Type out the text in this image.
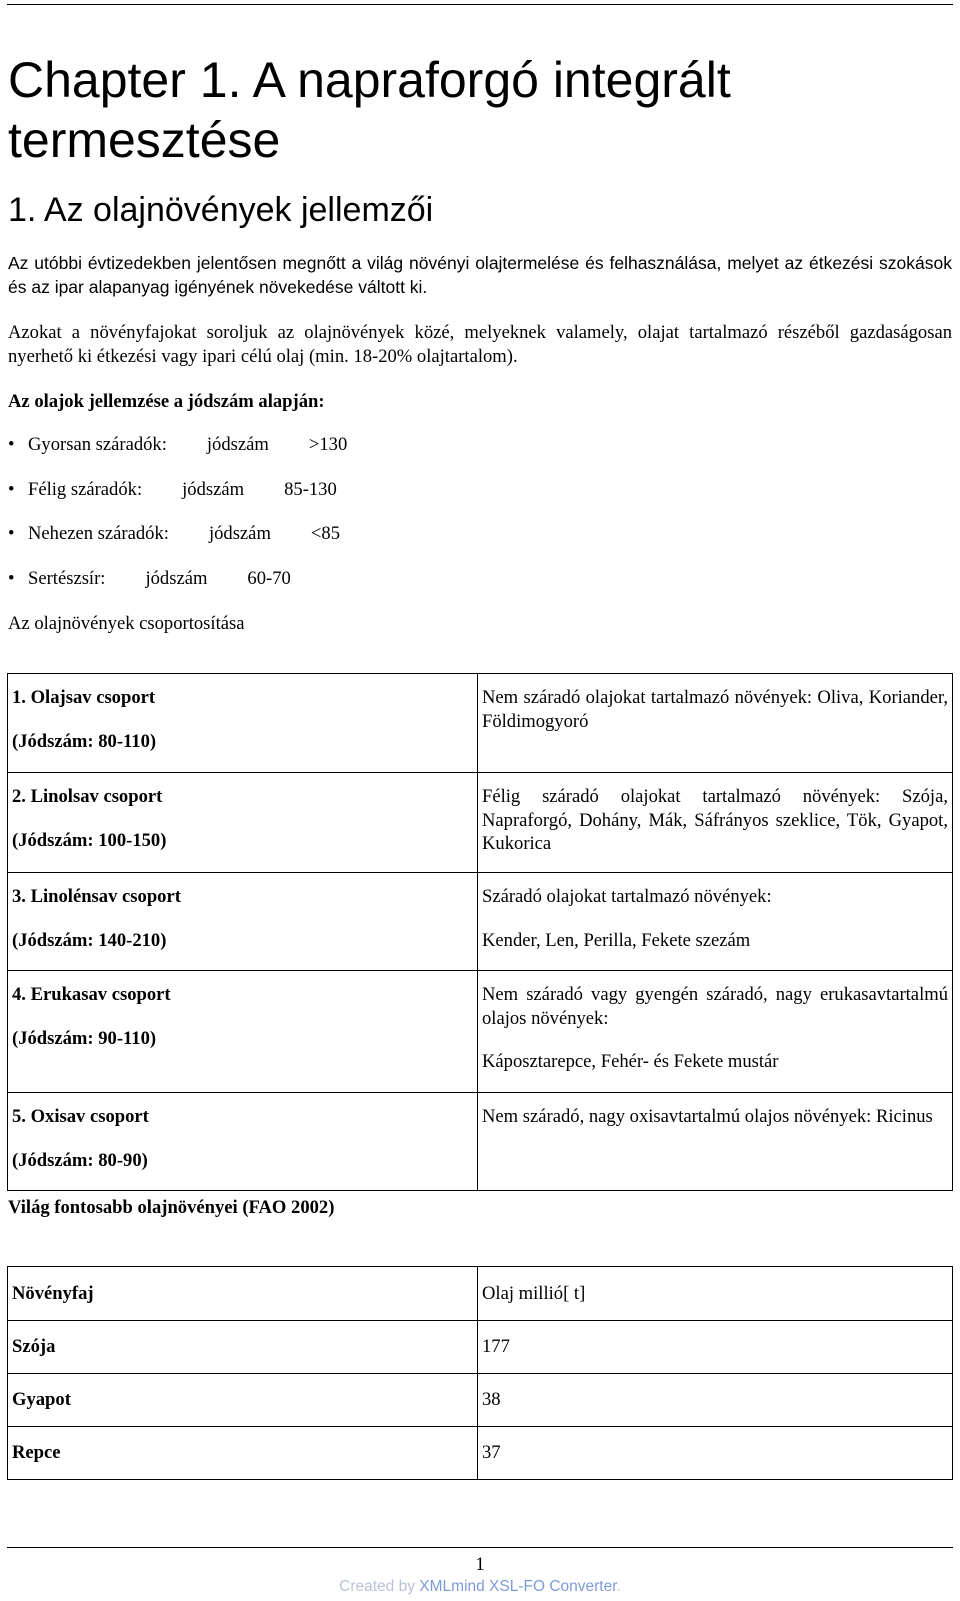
Chapter 1. A napraforgó integrált termesztése
1. Az olajnövények jellemzői

Az utóbbi évtizedekben jelentősen megnőtt a világ növényi olajtermelése és felhasználása, melyet az étkezési szokások és az ipar alapanyag igényének növekedése váltott ki.

Azokat a növényfajokat soroljuk az olajnövények közé, melyeknek valamely, olajat tartalmazó részéből gazdaságosan nyerhető ki étkezési vagy ipari célú olaj (min. 18-20% olajtartalom).

Az olajok jellemzése a jódszám alapján:
• Gyorsan száradók: jódszám >130
• Félig száradók: jódszám 85-130
• Nehezen száradók: jódszám <85
• Sertészsír: jódszám 60-70
Az olajnövények csoportosítása
1. Olajsav csoport
(Jódszám: 80-110)	Nem száradó olajokat tartalmazó növények: Oliva, Koriander, Földimogyoró

2. Linolsav csoport
(Jódszám: 100-150)	Félig száradó olajokat tartalmazó növények: Szója, Napraforgó, Dohány, Mák, Sáfrányos szeklice, Tök, Gyapot, Kukorica

3. Linolénsav csoport
(Jódszám: 140-210)	Száradó olajokat tartalmazó növények:
Kender, Len, Perilla, Fekete szezám

4. Erukasav csoport
(Jódszám: 90-110)	Nem száradó vagy gyengén száradó, nagy erukasavtartalmú olajos növények:
Káposztarepce, Fehér- és Fekete mustár

5. Oxisav csoport
(Jódszám: 80-90)	Nem száradó, nagy oxisavtartalmú olajos növények: Ricinus
Világ fontosabb olajnövényei (FAO 2002)
Növényfaj	Olaj millió[ t]
Szója	177
Gyapot	38
Repce	37
1
Created by XMLmind XSL-FO Converter.
